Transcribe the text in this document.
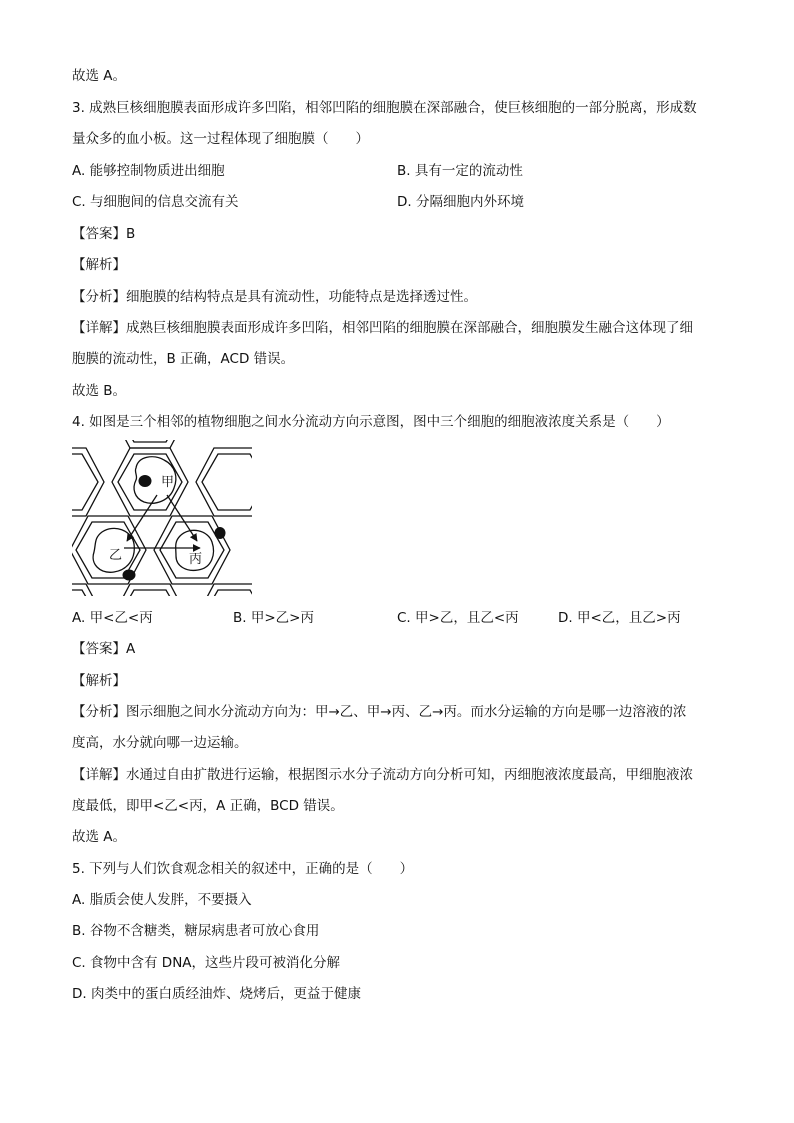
故选 A。
3. 成熟巨核细胞膜表面形成许多凹陷，相邻凹陷的细胞膜在深部融合，使巨核细胞的一部分脱离，形成数
量众多的血小板。这一过程体现了细胞膜（　　）
A. 能够控制物质进出细胞	B. 具有一定的流动性
C. 与细胞间的信息交流有关	D. 分隔细胞内外环境
【答案】B
【解析】
【分析】细胞膜的结构特点是具有流动性，功能特点是选择透过性。
【详解】成熟巨核细胞膜表面形成许多凹陷，相邻凹陷的细胞膜在深部融合，细胞膜发生融合这体现了细
胞膜的流动性，B 正确，ACD 错误。
故选 B。
4. 如图是三个相邻的植物细胞之间水分流动方向示意图，图中三个细胞的细胞液浓度关系是（　　）
甲
乙	丙
A. 甲<乙<丙	B. 甲>乙>丙	C. 甲>乙，且乙<丙	D. 甲<乙，且乙>丙
【答案】A
【解析】
【分析】图示细胞之间水分流动方向为：甲→乙、甲→丙、乙→丙。而水分运输的方向是哪一边溶液的浓
度高，水分就向哪一边运输。
【详解】水通过自由扩散进行运输，根据图示水分子流动方向分析可知，丙细胞液浓度最高，甲细胞液浓
度最低，即甲<乙<丙，A 正确，BCD 错误。
故选 A。
5. 下列与人们饮食观念相关的叙述中，正确的是（　　）
A. 脂质会使人发胖，不要摄入
B. 谷物不含糖类，糖尿病患者可放心食用
C. 食物中含有 DNA，这些片段可被消化分解
D. 肉类中的蛋白质经油炸、烧烤后，更益于健康
